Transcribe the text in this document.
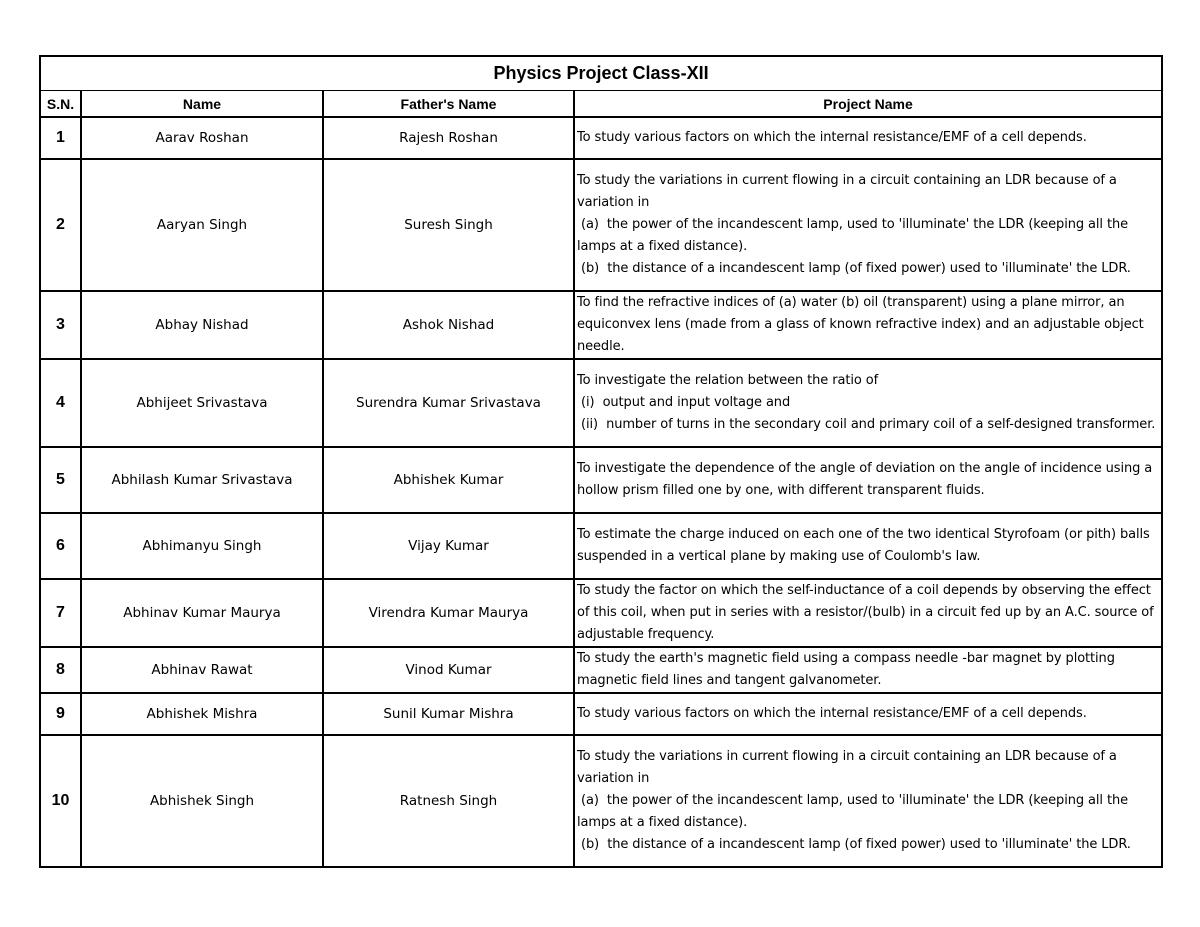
Physics Project Class-XII			
S.N.	Name	Father's Name	Project Name
1	Aarav Roshan	Rajesh Roshan	To study various factors on which the internal resistance/EMF of a cell depends.
2	Aaryan Singh	Suresh Singh	To study the variations in current flowing in a circuit containing an LDR because of a variation in
(a)  the power of the incandescent lamp, used to 'illuminate' the LDR (keeping all the lamps at a fixed distance).
(b)  the distance of a incandescent lamp (of fixed power) used to 'illuminate' the LDR.
3	Abhay Nishad	Ashok Nishad	To find the refractive indices of (a) water (b) oil (transparent) using a plane mirror, an equiconvex lens (made from a glass of known refractive index) and an adjustable object needle.
4	Abhijeet Srivastava	Surendra Kumar Srivastava	To investigate the relation between the ratio of
(i)  output and input voltage and
(ii)  number of turns in the secondary coil and primary coil of a self-designed transformer.
5	Abhilash Kumar Srivastava	Abhishek Kumar	To investigate the dependence of the angle of deviation on the angle of incidence using a hollow prism filled one by one, with different transparent fluids.
6	Abhimanyu Singh	Vijay Kumar	To estimate the charge induced on each one of the two identical Styrofoam (or pith) balls suspended in a vertical plane by making use of Coulomb's law.
7	Abhinav Kumar Maurya	Virendra Kumar Maurya	To study the factor on which the self-inductance of a coil depends by observing the effect of this coil, when put in series with a resistor/(bulb) in a circuit fed up by an A.C. source of adjustable frequency.
8	Abhinav Rawat	Vinod Kumar	To study the earth's magnetic field using a compass needle -bar magnet by plotting magnetic field lines and tangent galvanometer.
9	Abhishek Mishra	Sunil Kumar Mishra	To study various factors on which the internal resistance/EMF of a cell depends.
10	Abhishek Singh	Ratnesh Singh	To study the variations in current flowing in a circuit containing an LDR because of a variation in
(a)  the power of the incandescent lamp, used to 'illuminate' the LDR (keeping all the lamps at a fixed distance).
(b)  the distance of a incandescent lamp (of fixed power) used to 'illuminate' the LDR.
